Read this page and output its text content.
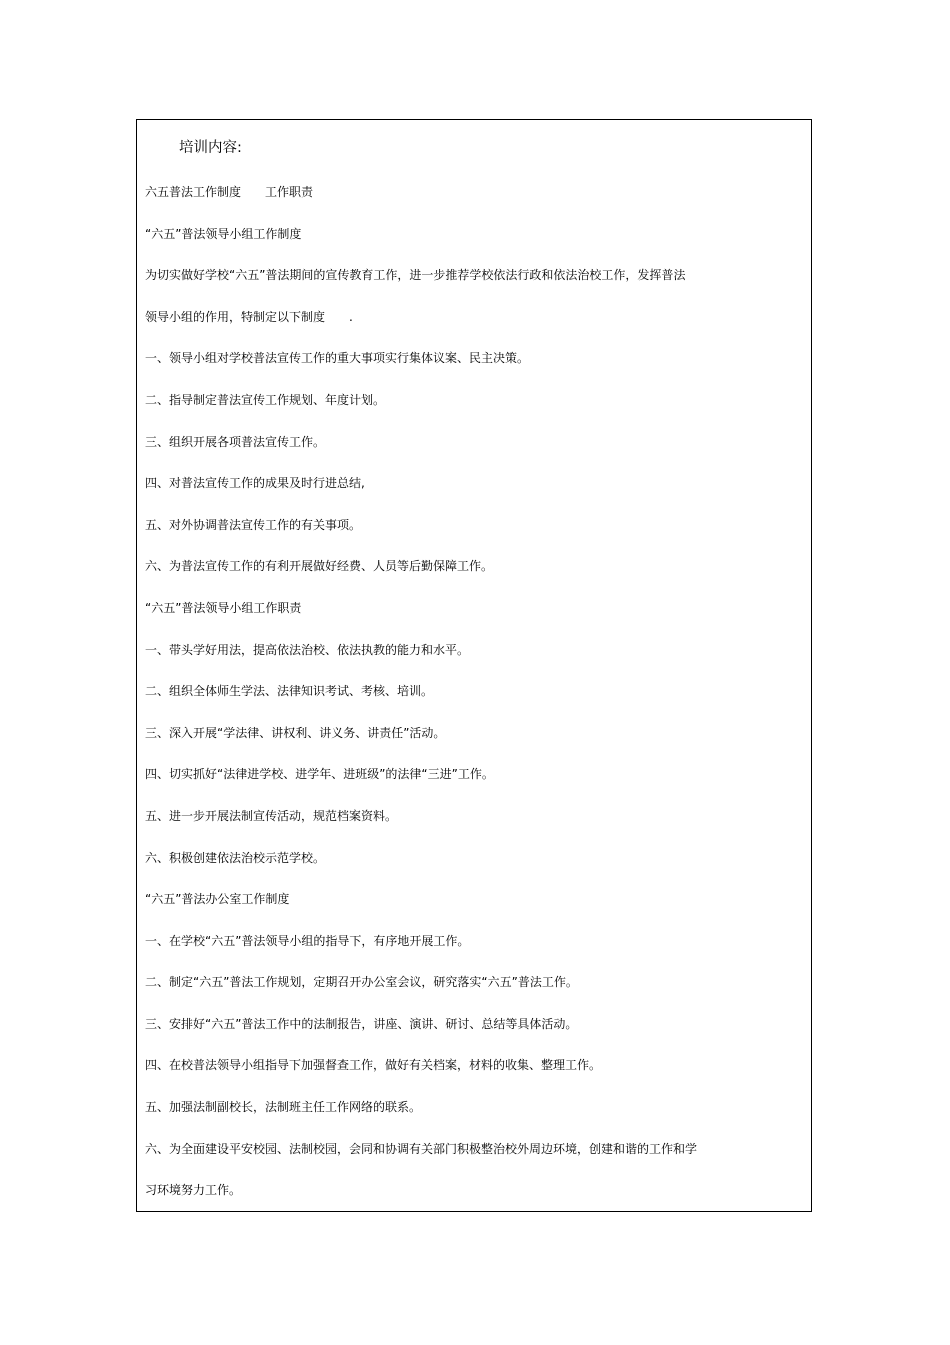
培训内容:
六五普法工作制度　　工作职责
“六五”普法领导小组工作制度
为切实做好学校“六五”普法期间的宣传教育工作，进一步推荐学校依法行政和依法治校工作，发挥普法
领导小组的作用，特制定以下制度　　.
一、领导小组对学校普法宣传工作的重大事项实行集体议案、民主决策。
二、指导制定普法宣传工作规划、年度计划。
三、组织开展各项普法宣传工作。
四、对普法宣传工作的成果及时行进总结,
五、对外协调普法宣传工作的有关事项。
六、为普法宣传工作的有利开展做好经费、人员等后勤保障工作。
“六五”普法领导小组工作职责
一、带头学好用法，提高依法治校、依法执教的能力和水平。
二、组织全体师生学法、法律知识考试、考核、培训。
三、深入开展“学法律、讲权利、讲义务、讲责任”活动。
四、切实抓好“法律进学校、进学年、进班级”的法律“三进”工作。
五、进一步开展法制宣传活动，规范档案资料。
六、积极创建依法治校示范学校。
“六五”普法办公室工作制度
一、在学校“六五”普法领导小组的指导下，有序地开展工作。
二、制定“六五”普法工作规划，定期召开办公室会议，研究落实“六五”普法工作。
三、安排好“六五”普法工作中的法制报告，讲座、演讲、研讨、总结等具体活动。
四、在校普法领导小组指导下加强督查工作，做好有关档案，材料的收集、整理工作。
五、加强法制副校长，法制班主任工作网络的联系。
六、为全面建设平安校园、法制校园，会同和协调有关部门积极整治校外周边环境，创建和谐的工作和学
习环境努力工作。
